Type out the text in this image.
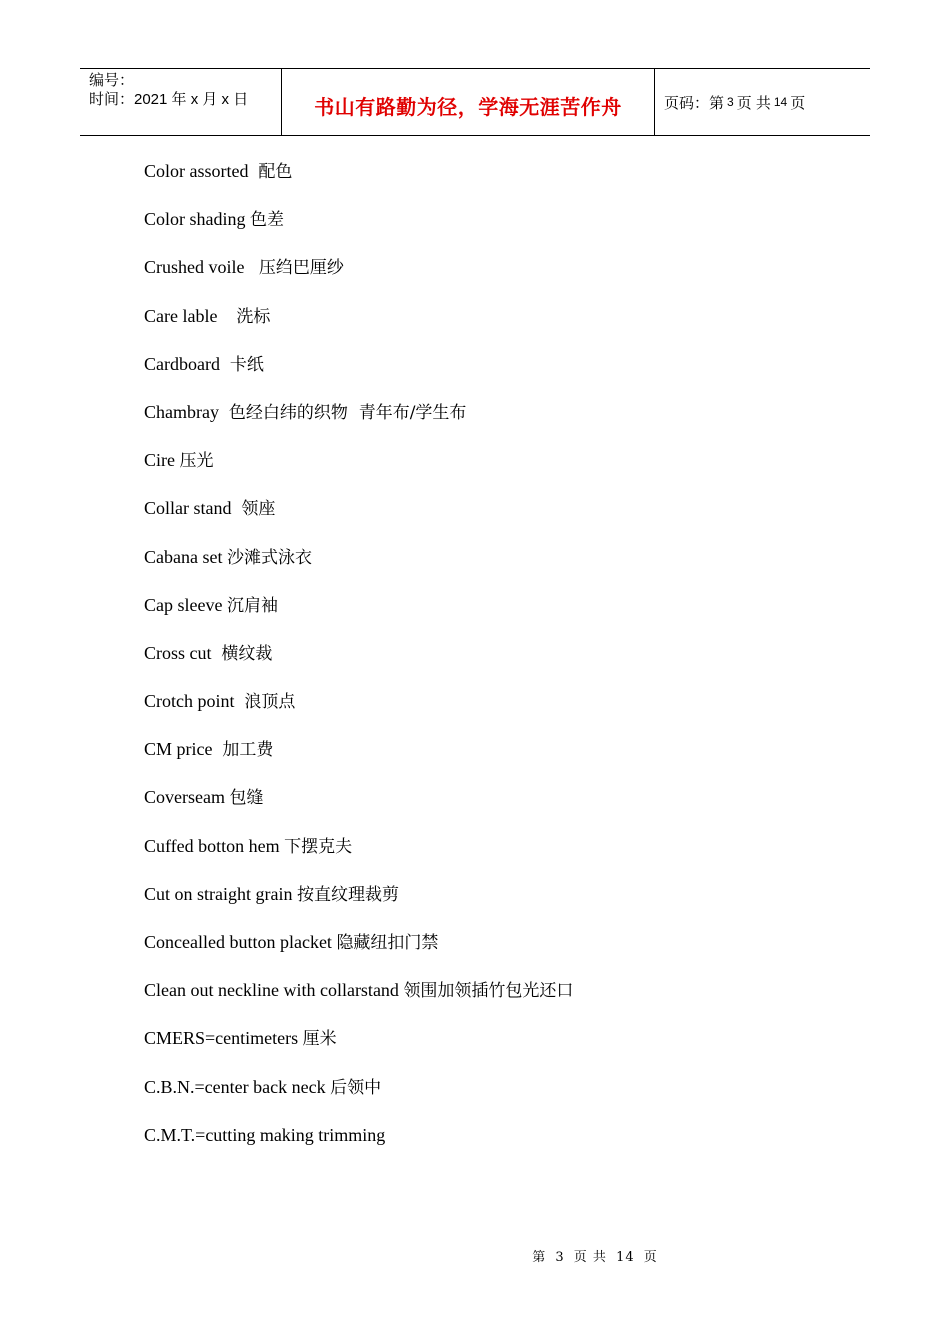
编号：
时间：2021 年 x 月 x 日	书山有路勤为径，学海无涯苦作舟	页码：第 3 页 共 14 页
Color assorted  配色
Color shading 色差
Crushed voile   压绉巴厘纱
Care lable    洗标
Cardboard  卡纸
Chambray  色经白纬的织物  青年布/学生布
Cire 压光
Collar stand  领座
Cabana set 沙滩式泳衣
Cap sleeve 沉肩袖
Cross cut  横纹裁
Crotch point  浪顶点
CM price  加工费
Coverseam 包缝
Cuffed botton hem 下摆克夫
Cut on straight grain 按直纹理裁剪
Concealled button placket 隐藏纽扣门禁
Clean out neckline with collarstand 领围加领插竹包光还口
CMERS=centimeters 厘米
C.B.N.=center back neck 后领中
C.M.T.=cutting making trimming
第 3 页 共 14 页
